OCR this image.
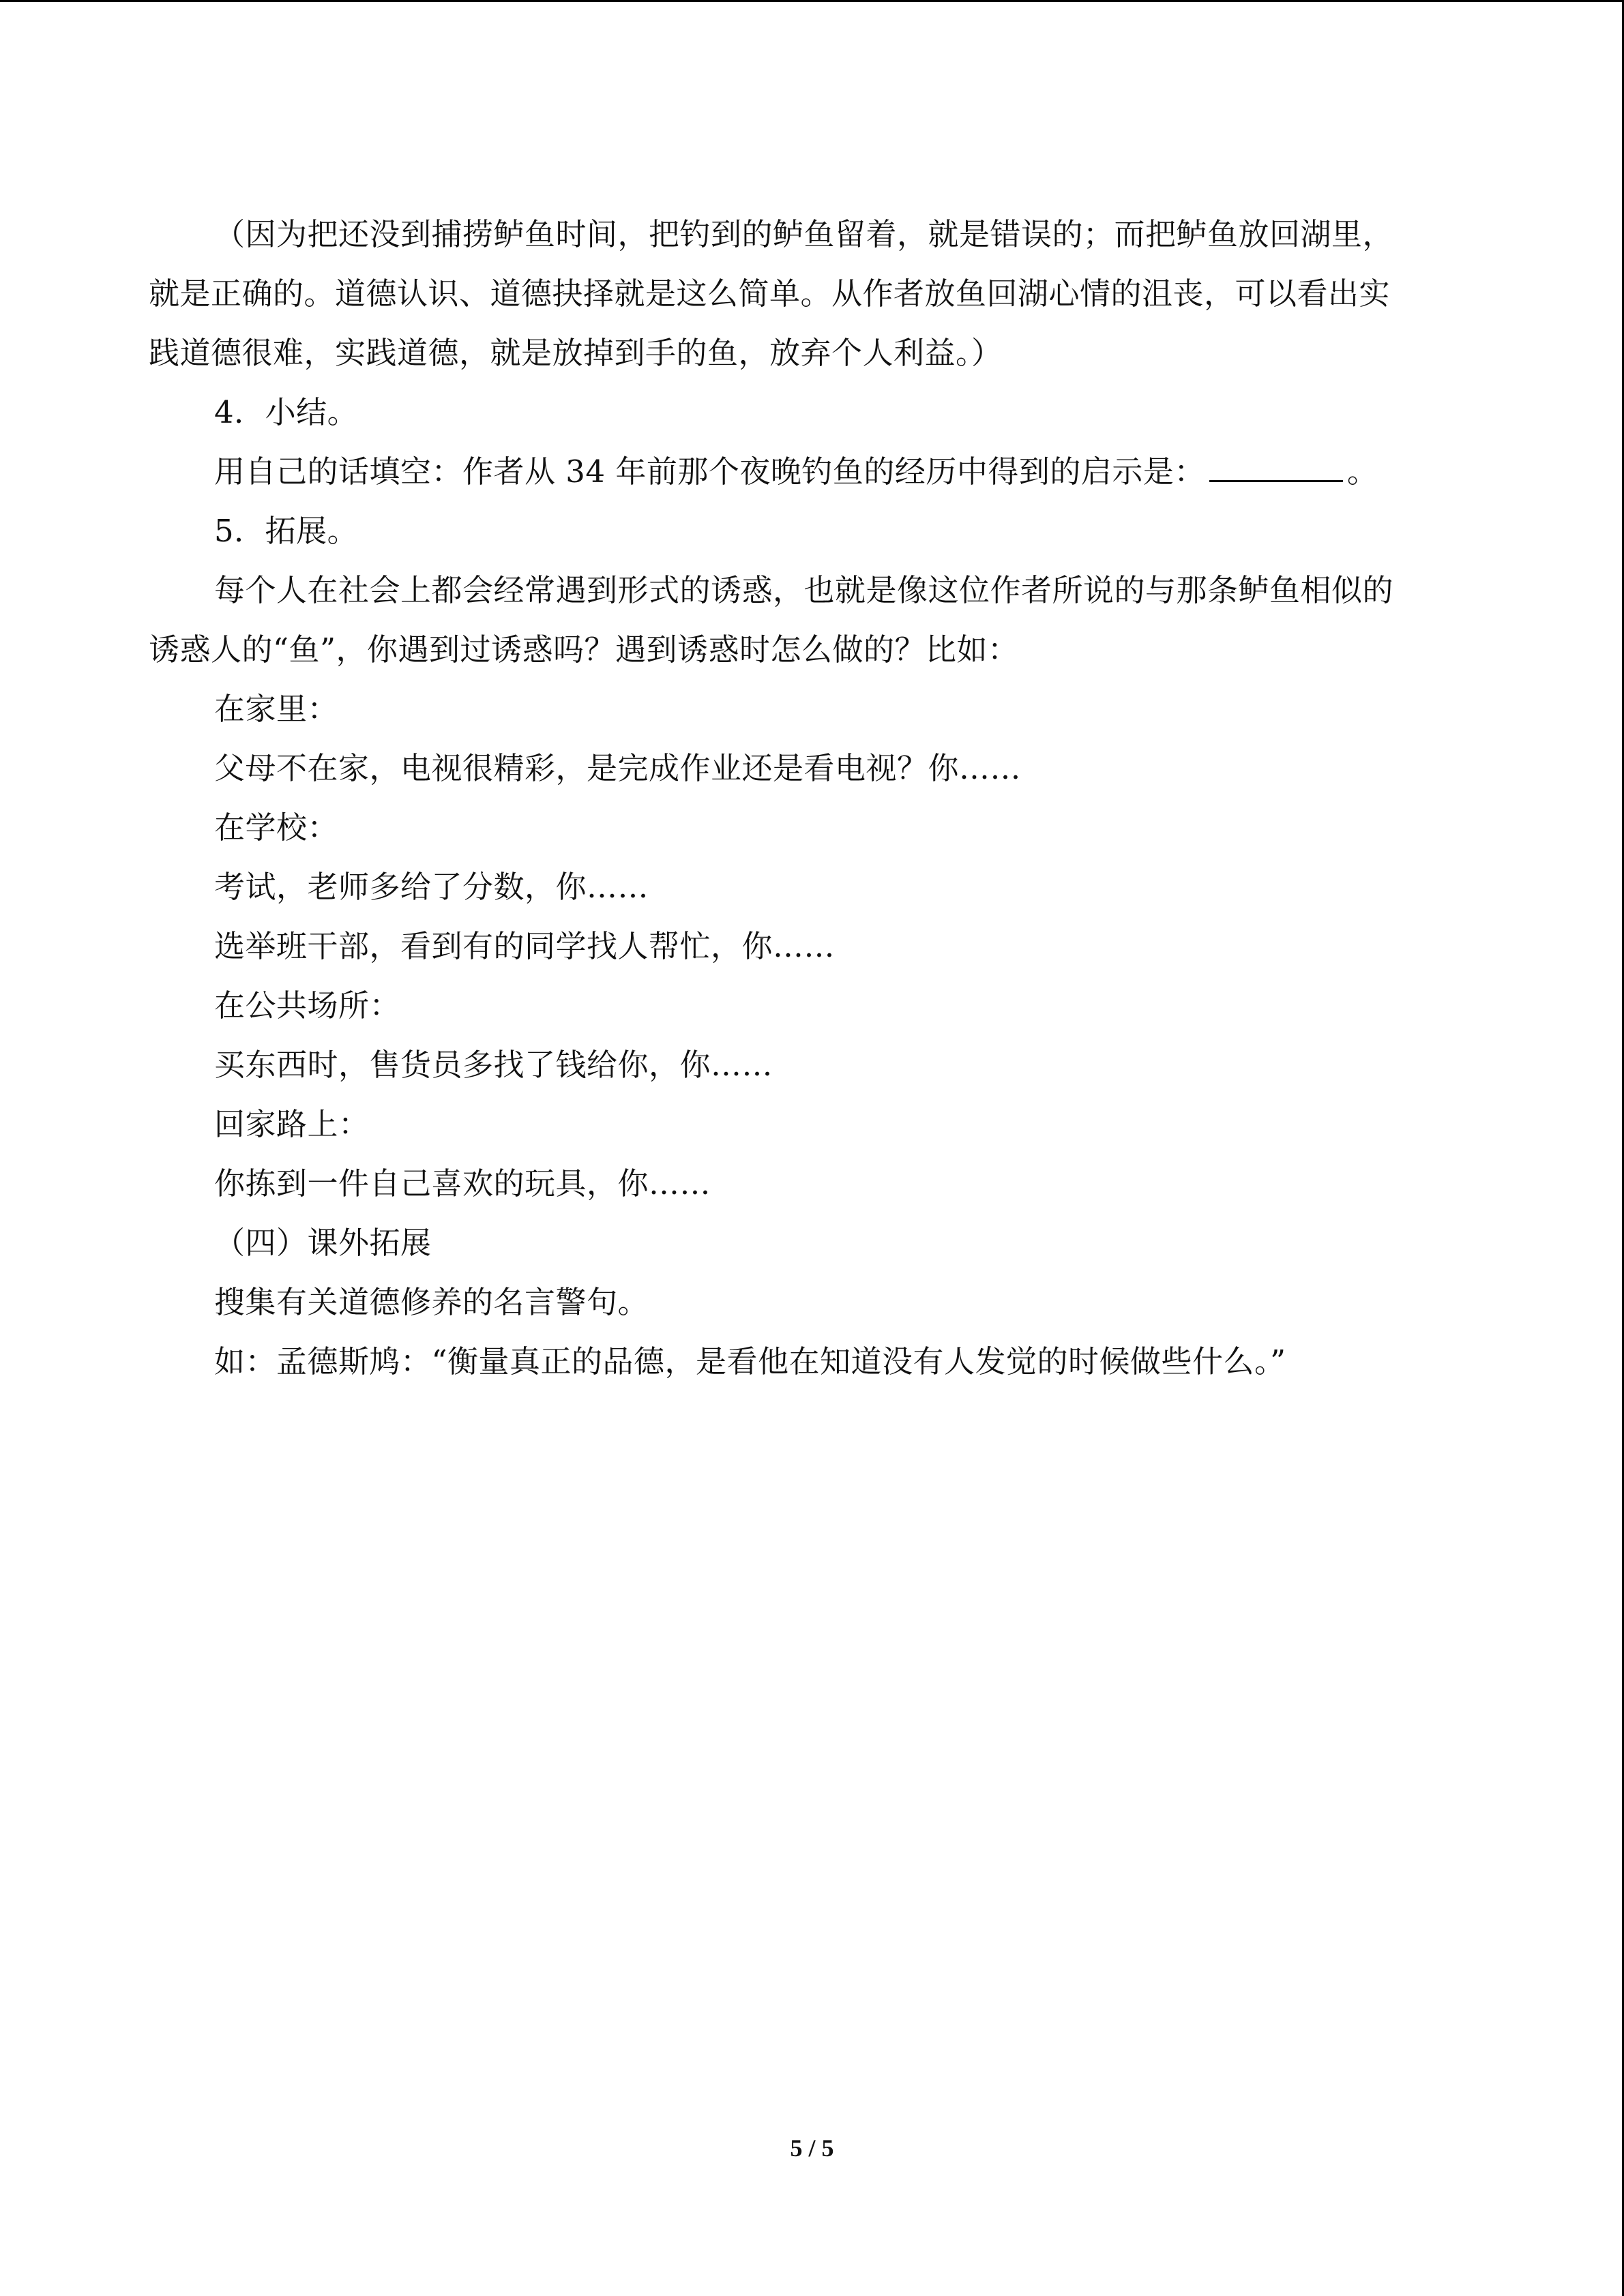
（因为把还没到捕捞鲈鱼时间，把钓到的鲈鱼留着，就是错误的；而把鲈鱼放回湖里，
就是正确的。道德认识、道德抉择就是这么简单。从作者放鱼回湖心情的沮丧，可以看出实
践道德很难，实践道德，就是放掉到手的鱼，放弃个人利益。）
4．小结。
用自己的话填空：作者从 34 年前那个夜晚钓鱼的经历中得到的启示是：	。
5．拓展。
每个人在社会上都会经常遇到形式的诱惑，也就是像这位作者所说的与那条鲈鱼相似的
诱惑人的“鱼”，你遇到过诱惑吗？遇到诱惑时怎么做的？比如：
在家里：
父母不在家，电视很精彩，是完成作业还是看电视？你……
在学校：
考试，老师多给了分数，你……
选举班干部，看到有的同学找人帮忙，你……
在公共场所：
买东西时，售货员多找了钱给你，你……
回家路上：
你拣到一件自己喜欢的玩具，你……
（四）课外拓展
搜集有关道德修养的名言警句。
如：孟德斯鸠：“衡量真正的品德，是看他在知道没有人发觉的时候做些什么。”
5 / 5
